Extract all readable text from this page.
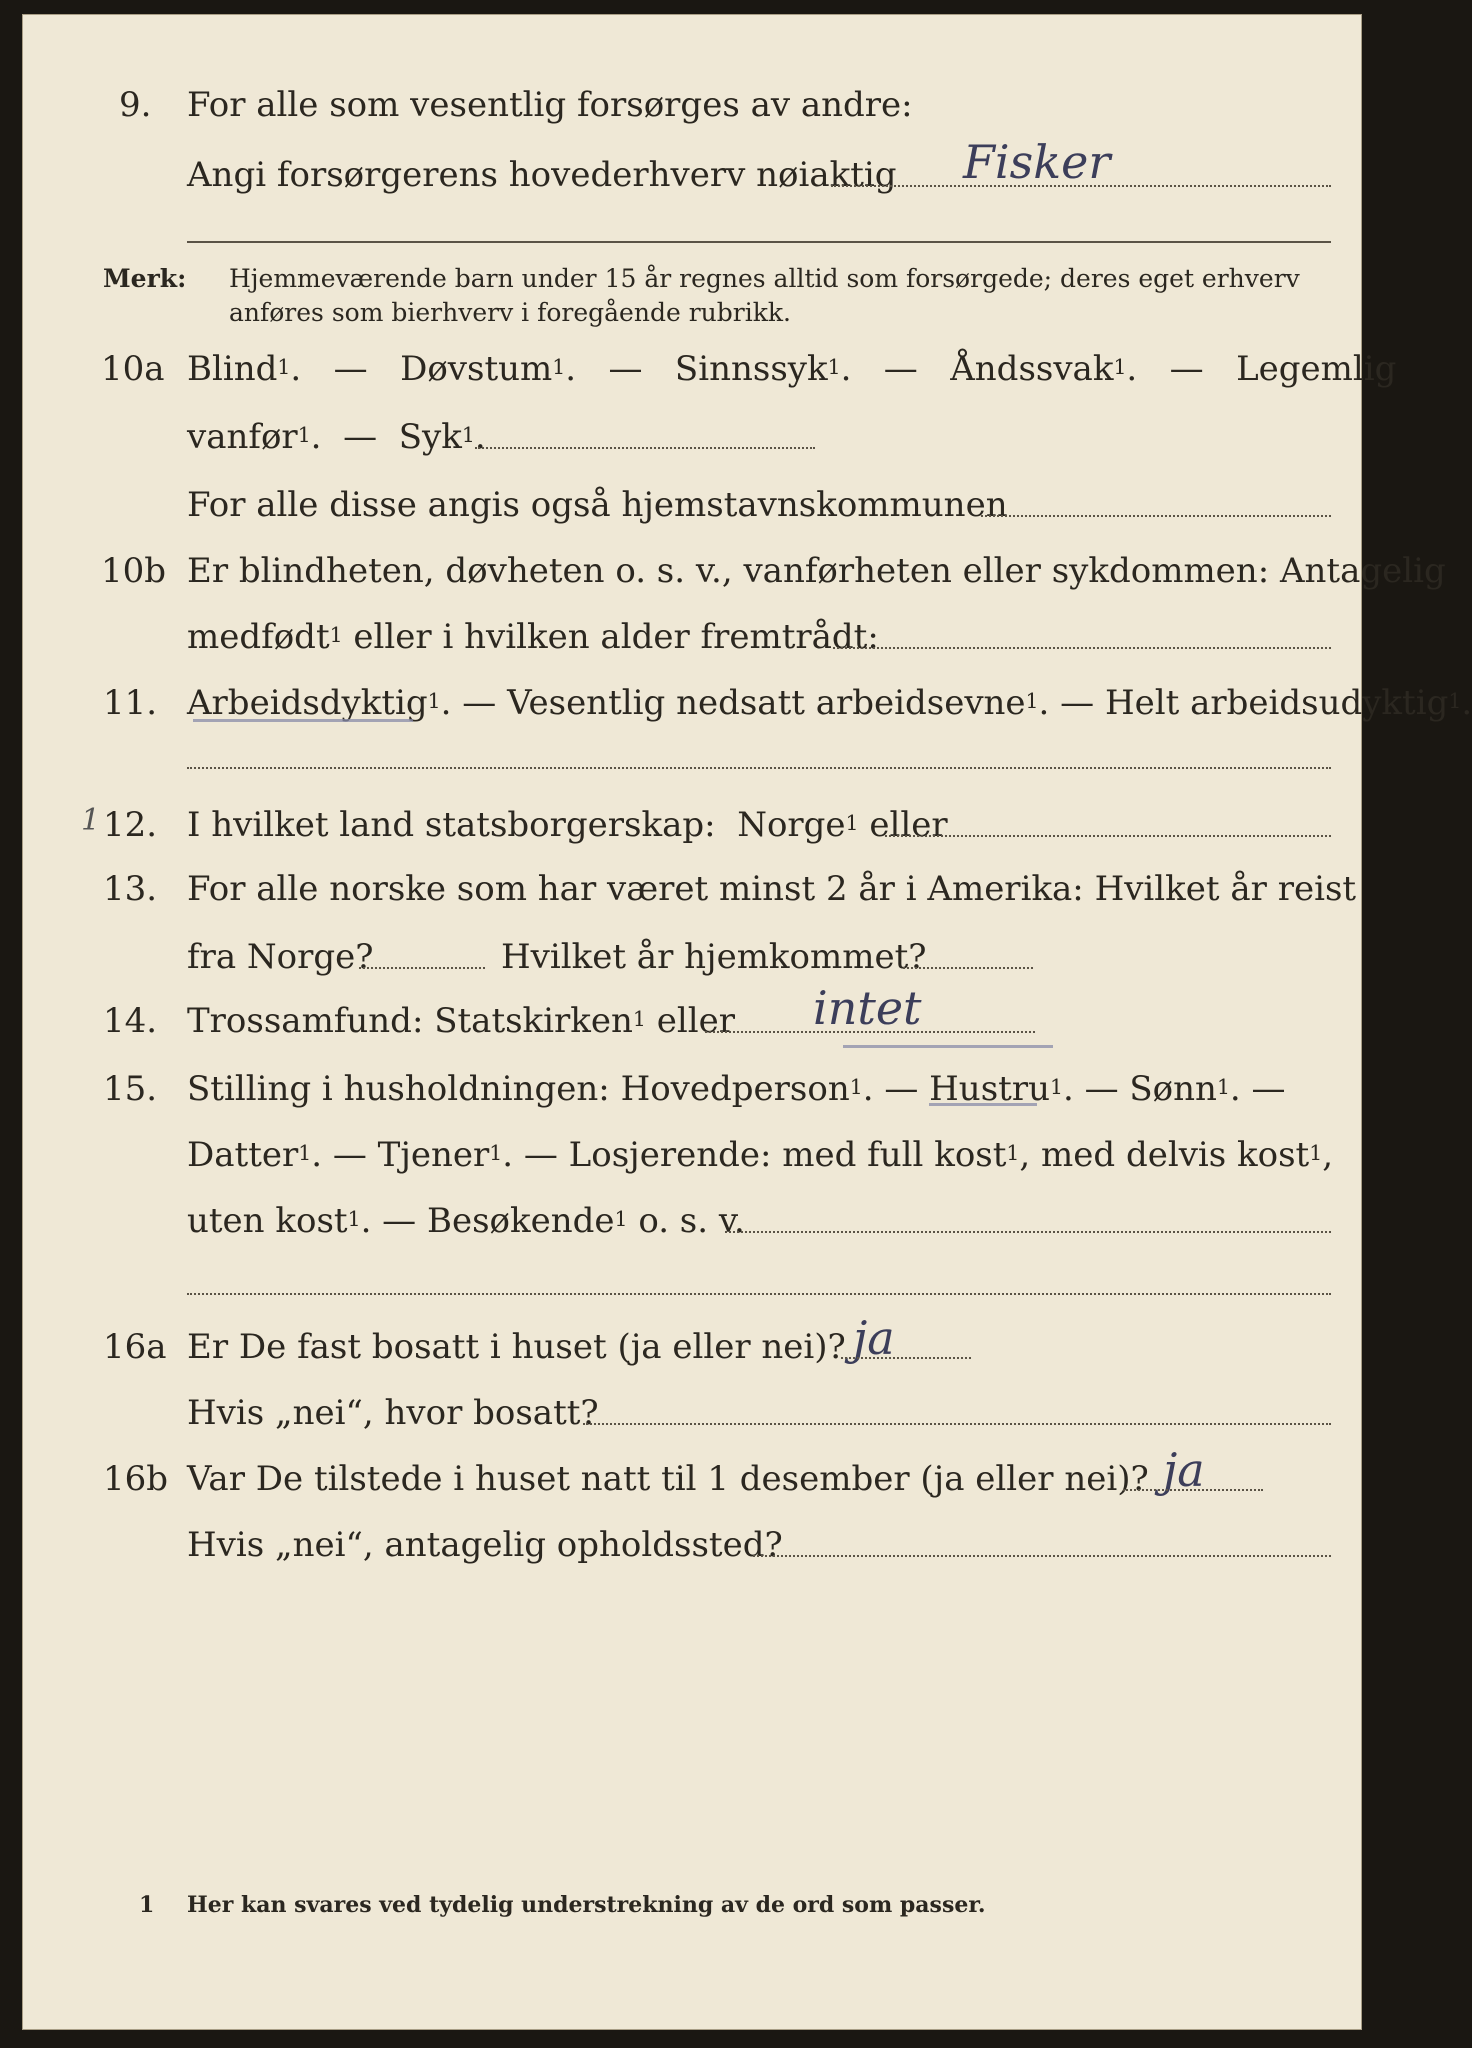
9. For alle som vesentlig forsørges av andre:
Angi forsørgerens hovederhverv nøiaktig Fisker
Merk: Hjemmeværende barn under 15 år regnes alltid som forsørgede; deres eget erhverv
anføres som bierhverv i foregående rubrikk.
10a Blind$^1$.   — Døvstum$^1$.   — Sinnssyk$^1$.   — Åndssvak$^1$.   — Legemlig
vanfør$^1$.  — Syk$^1$.
For alle disse angis også hjemstavnskommunen
10b Er blindheten, døvheten o. s. v., vanførheten eller sykdommen: Antagelig
medfødt$^1$ eller i hvilken alder fremtrådt:
11. Arbeidsdyktig$^1$. — Vesentlig nedsatt arbeidsevne$^1$. — Helt arbeidsudyktig$^1$.
1 12. I hvilket land statsborgerskap: Norge$^1$ eller
13. For alle norske som har været minst 2 år i Amerika: Hvilket år reist
fra Norge?	Hvilket år hjemkommet?
14. Trossamfund: Statskirken$^1$ eller intet
15. Stilling i husholdningen: Hovedperson$^1$. — Hustru$^1$. — Sønn$^1$. —
Datter$^1$. — Tjener$^1$. — Losjerende: med full kost$^1$, med delvis kost$^1$,
uten kost$^1$. — Besøkende$^1$ o. s. v.
16a Er De fast bosatt i huset (ja eller nei)? ja
Hvis „nei“, hvor bosatt?
16b Var De tilstede i huset natt til 1 desember (ja eller nei)? ja
Hvis „nei“, antagelig opholdssted?
1 Her kan svares ved tydelig understrekning av de ord som passer.
